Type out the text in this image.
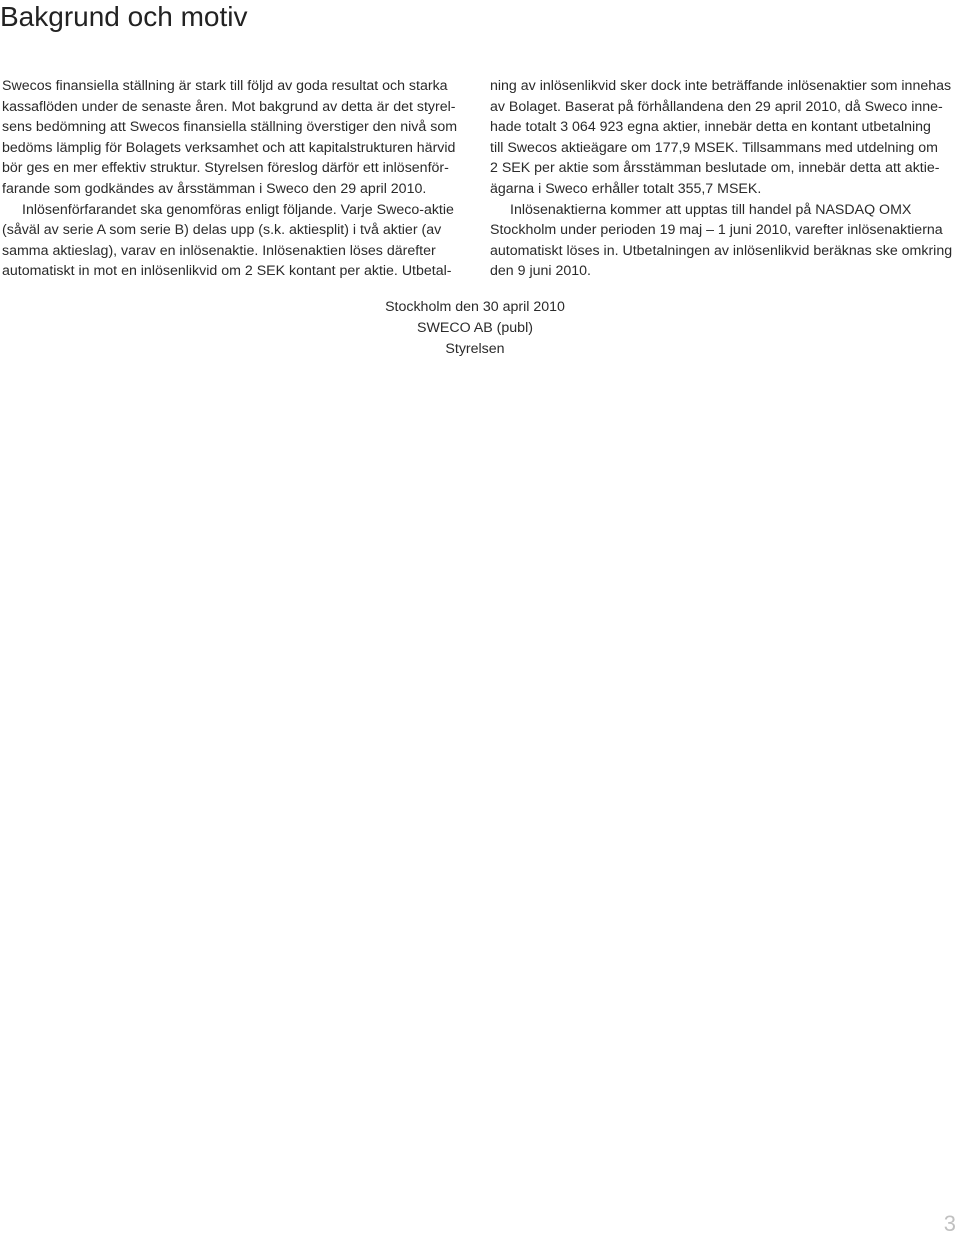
Bakgrund och motiv
Swecos finansiella ställning är stark till följd av goda resultat och starka
kassaflöden under de senaste åren. Mot bakgrund av detta är det styrel-
sens bedömning att Swecos finansiella ställning överstiger den nivå som
bedöms lämplig för Bolagets verksamhet och att kapitalstrukturen härvid
bör ges en mer effektiv struktur. Styrelsen föreslog därför ett inlösenför-
farande som godkändes av årsstämman i Sweco den 29 april 2010.
Inlösenförfarandet ska genomföras enligt följande. Varje Sweco-aktie
(såväl av serie A som serie B) delas upp (s.k. aktiesplit) i två aktier (av
samma aktieslag), varav en inlösenaktie. Inlösenaktien löses därefter
automatiskt in mot en inlösenlikvid om 2 SEK kontant per aktie. Utbetal-
ning av inlösenlikvid sker dock inte beträffande inlösenaktier som innehas
av Bolaget. Baserat på förhållandena den 29 april 2010, då Sweco inne-
hade totalt 3 064 923 egna aktier, innebär detta en kontant utbetalning
till Swecos aktieägare om 177,9 MSEK. Tillsammans med utdelning om
2 SEK per aktie som årsstämman beslutade om, innebär detta att aktie-
ägarna i Sweco erhåller totalt 355,7 MSEK.
Inlösenaktierna kommer att upptas till handel på NASDAQ OMX
Stockholm under perioden 19 maj – 1 juni 2010, varefter inlösenaktierna
automatiskt löses in. Utbetalningen av inlösenlikvid beräknas ske omkring
den 9 juni 2010.
Stockholm den 30 april 2010
SWECO AB (publ)
Styrelsen
3
